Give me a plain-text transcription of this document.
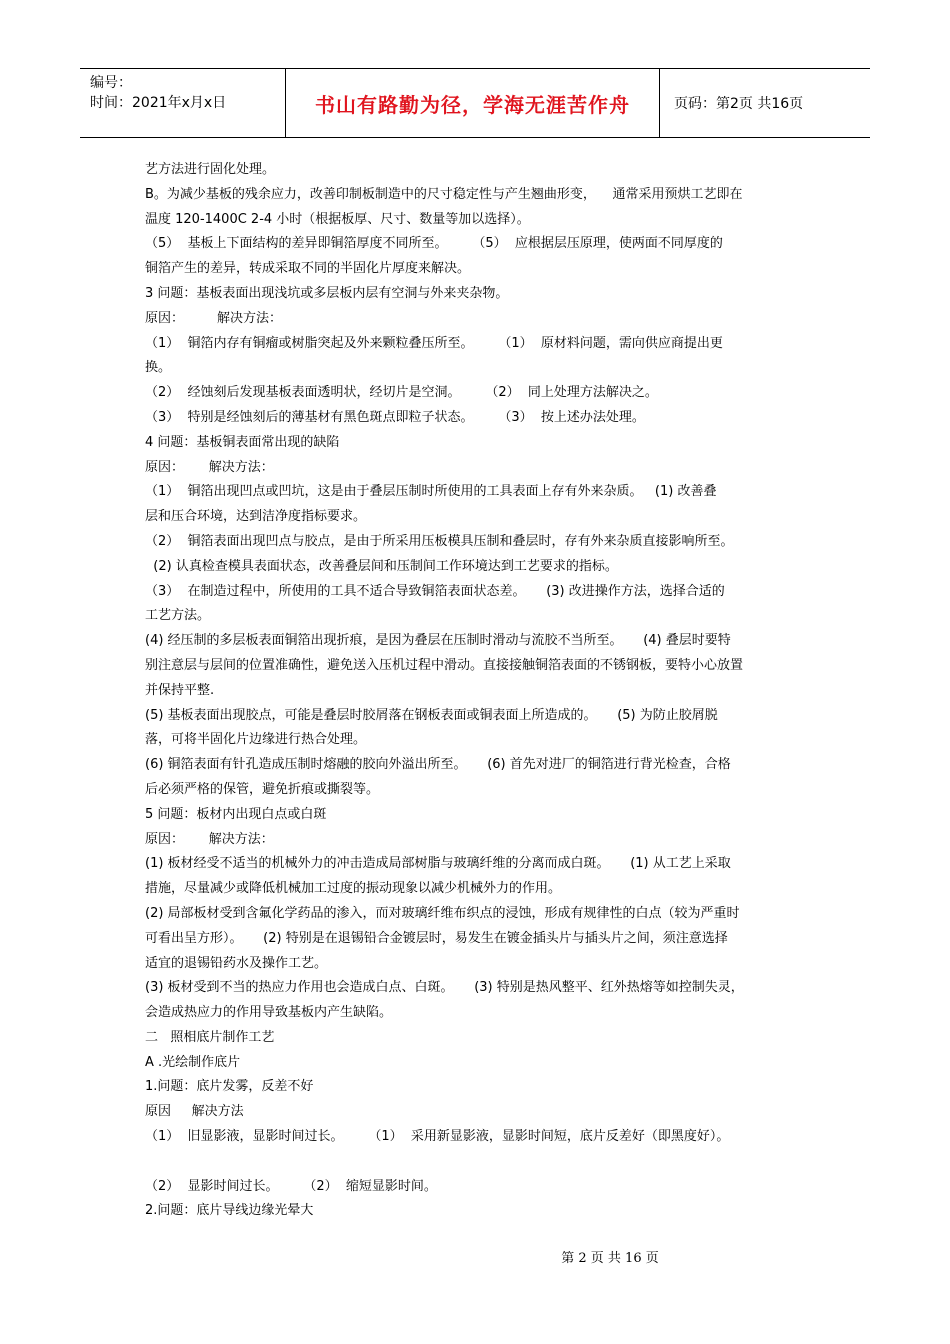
编号：
时间：2021年x月x日	书山有路勤为径，学海无涯苦作舟	页码：第2页 共16页

艺方法进行固化处理。

B。为减少基板的残余应力，改善印制板制造中的尺寸稳定性与产生翘曲形变，    通常采用预烘工艺即在

温度 120-1400C 2-4 小时（根据板厚、尺寸、数量等加以选择）。

（5）  基板上下面结构的差异即铜箔厚度不同所至。      （5）  应根据层压原理，使两面不同厚度的

铜箔产生的差异，转成采取不同的半固化片厚度来解决。

3 问题：基板表面出现浅坑或多层板内层有空洞与外来夹杂物。

原因：        解决方法：

（1）  铜箔内存有铜瘤或树脂突起及外来颗粒叠压所至。      （1）  原材料问题，需向供应商提出更

换。

（2）  经蚀刻后发现基板表面透明状，经切片是空洞。      （2）  同上处理方法解决之。

（3）  特别是经蚀刻后的薄基材有黑色斑点即粒子状态。      （3）  按上述办法处理。

4 问题：基板铜表面常出现的缺陷

原因：      解决方法：

（1）  铜箔出现凹点或凹坑，这是由于叠层压制时所使用的工具表面上存有外来杂质。   (1) 改善叠

层和压合环境，达到洁净度指标要求。

（2）  铜箔表面出现凹点与胶点，是由于所采用压板模具压制和叠层时，存有外来杂质直接影响所至。

(2) 认真检查模具表面状态，改善叠层间和压制间工作环境达到工艺要求的指标。

（3）  在制造过程中，所使用的工具不适合导致铜箔表面状态差。     (3) 改进操作方法，选择合适的

工艺方法。

(4) 经压制的多层板表面铜箔出现折痕，是因为叠层在压制时滑动与流胶不当所至。     (4) 叠层时要特

别注意层与层间的位置准确性，避免送入压机过程中滑动。直接接触铜箔表面的不锈钢板，要特小心放置

并保持平整.

(5) 基板表面出现胶点，可能是叠层时胶屑落在钢板表面或铜表面上所造成的。     (5) 为防止胶屑脱

落，可将半固化片边缘进行热合处理。

(6) 铜箔表面有针孔造成压制时熔融的胶向外溢出所至。     (6) 首先对进厂的铜箔进行背光检查，合格

后必须严格的保管，避免折痕或撕裂等。

5 问题：板材内出现白点或白斑

原因：      解决方法：

(1) 板材经受不适当的机械外力的冲击造成局部树脂与玻璃纤维的分离而成白斑。     (1) 从工艺上采取

措施，尽量减少或降低机械加工过度的振动现象以减少机械外力的作用。

(2) 局部板材受到含氟化学药品的渗入，而对玻璃纤维布织点的浸蚀，形成有规律性的白点（较为严重时

可看出呈方形）。     (2) 特别是在退锡铅合金镀层时，易发生在镀金插头片与插头片之间，须注意选择

适宜的退锡铅药水及操作工艺。

(3) 板材受到不当的热应力作用也会造成白点、白斑。     (3) 特别是热风整平、红外热熔等如控制失灵，

会造成热应力的作用导致基板内产生缺陷。

二   照相底片制作工艺

A .光绘制作底片

1.问题：底片发雾，反差不好

原因     解决方法

（1）  旧显影液，显影时间过长。      （1）  采用新显影液，显影时间短，底片反差好（即黑度好）。

（2）  显影时间过长。      （2）  缩短显影时间。

2.问题：底片导线边缘光晕大

第 2 页 共 16 页
